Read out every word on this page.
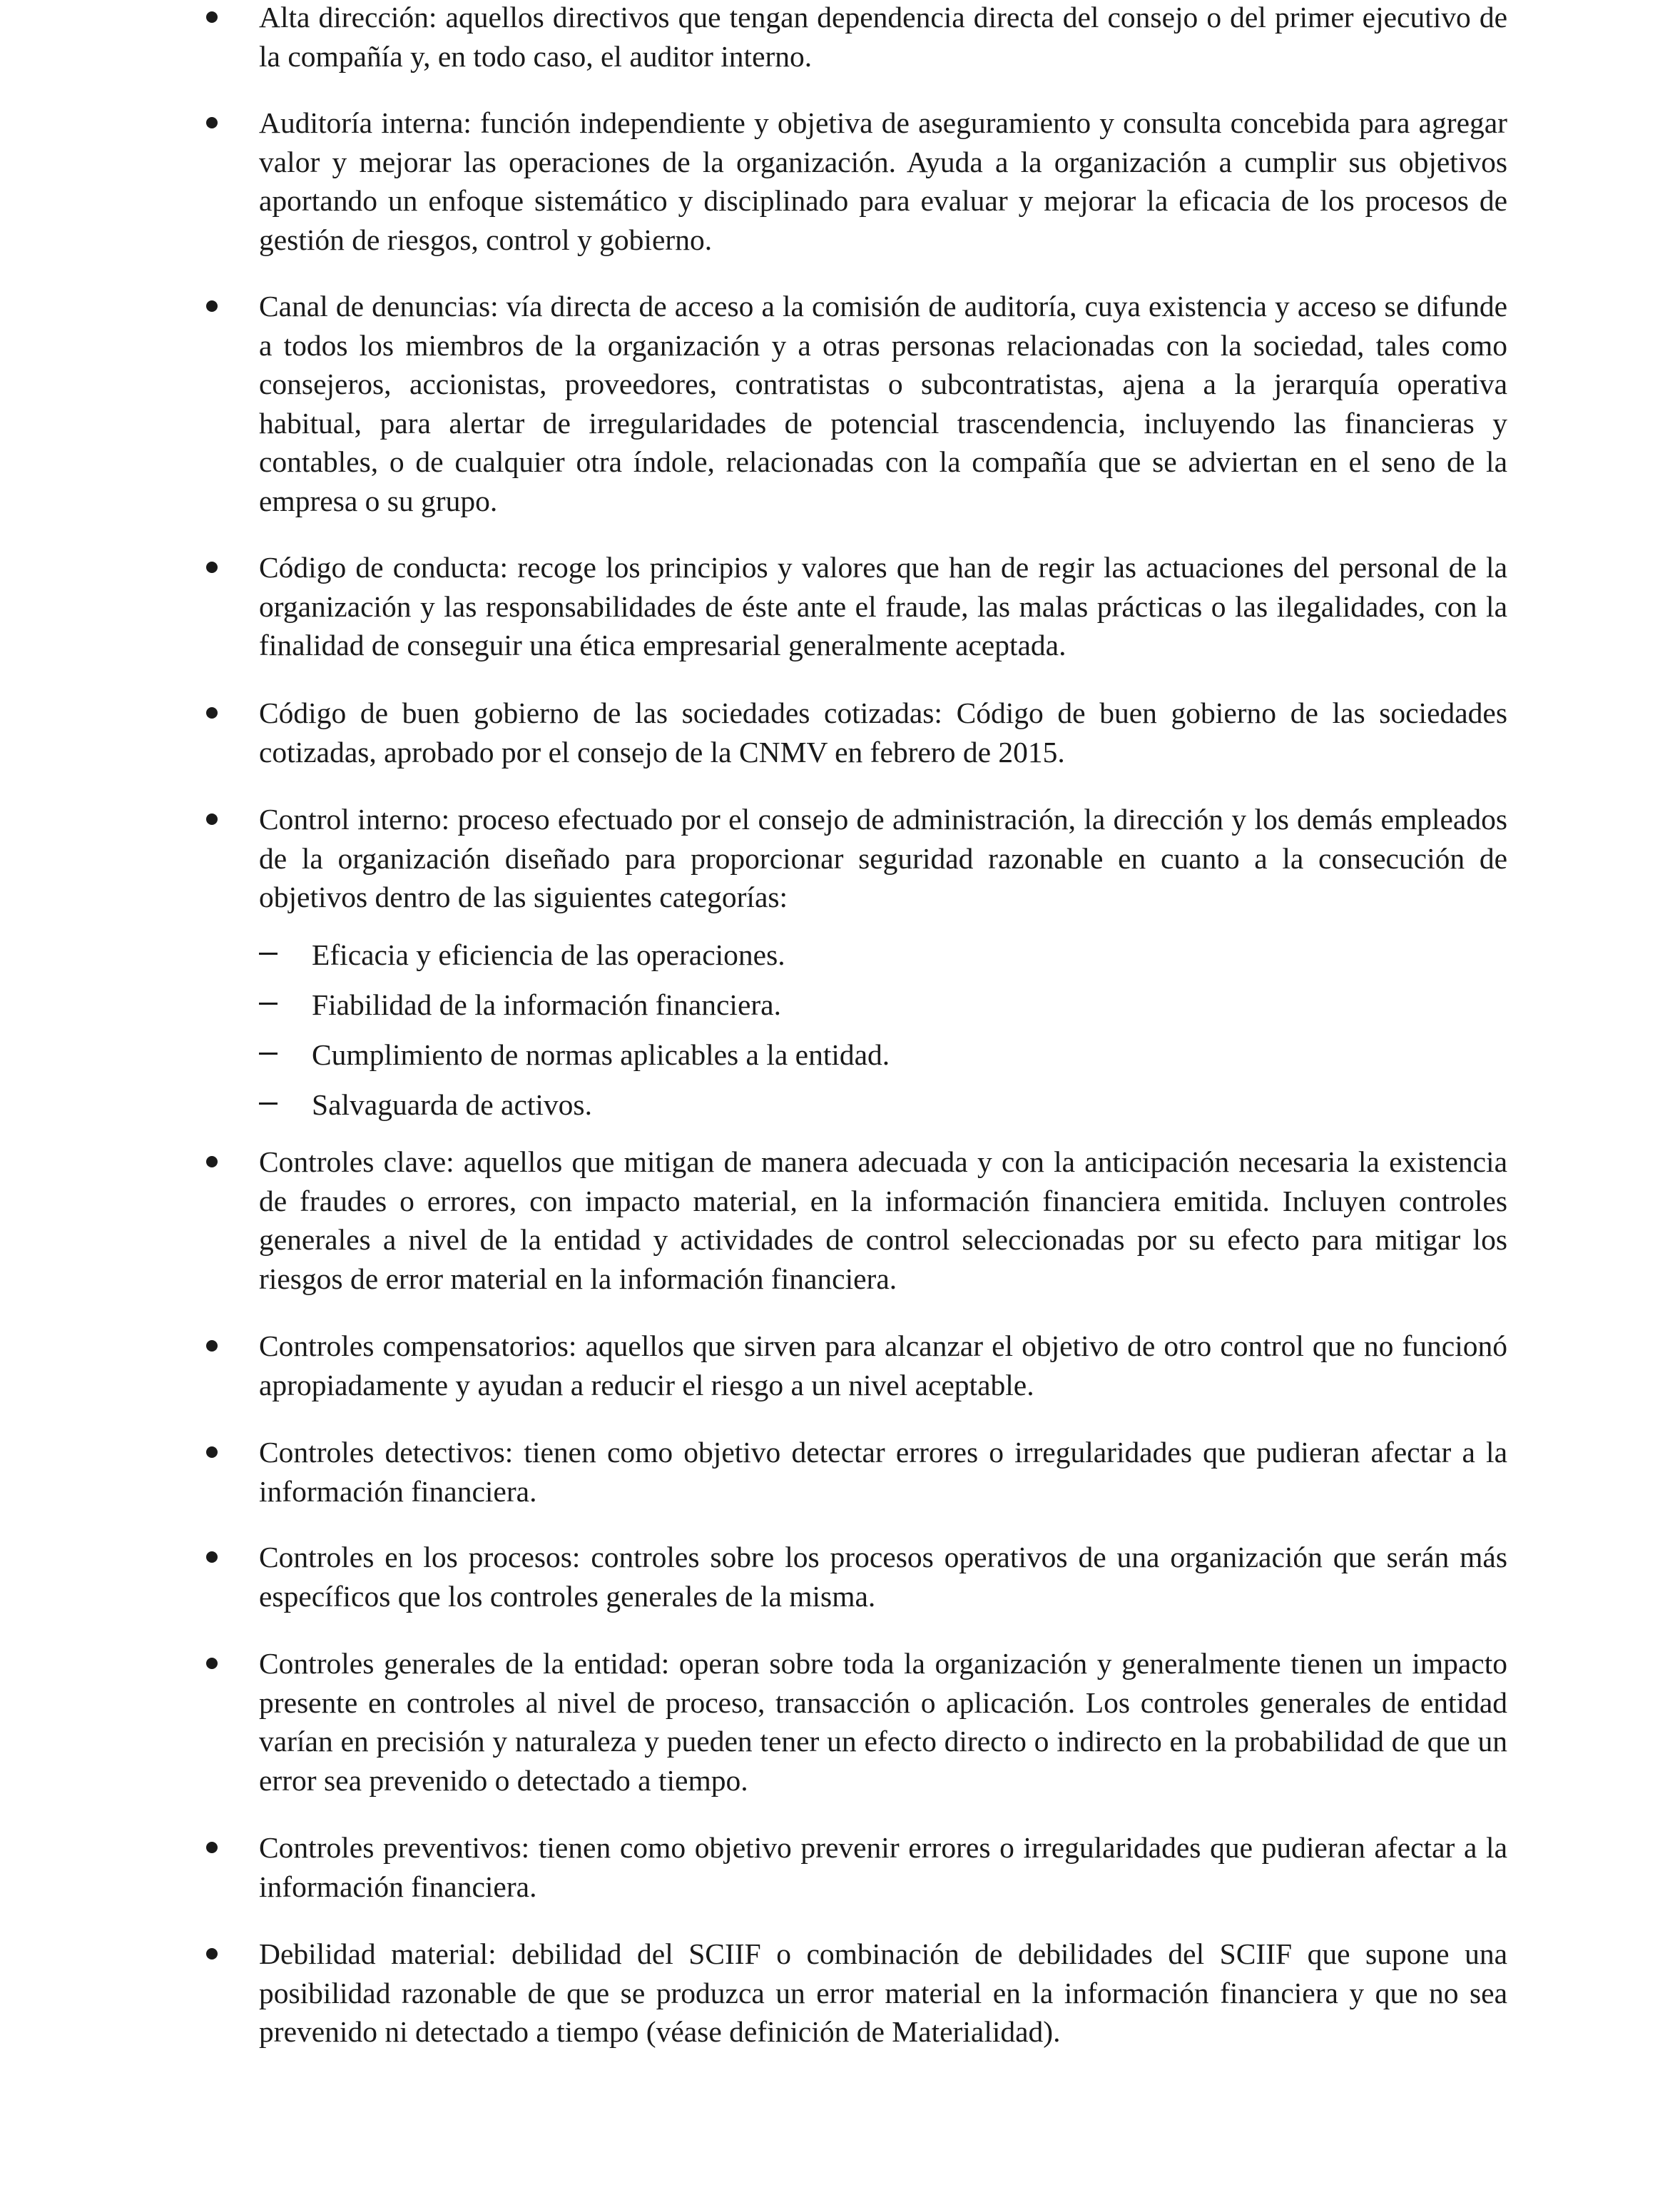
Alta dirección: aquellos directivos que tengan dependencia directa del consejo o del primer ejecutivo de la compañía y, en todo caso, el auditor interno.

Auditoría interna: función independiente y objetiva de aseguramiento y consulta concebida para agregar valor y mejorar las operaciones de la organización. Ayuda a la organización a cumplir sus objetivos aportando un enfoque sistemático y disciplinado para evaluar y mejorar la eficacia de los procesos de gestión de riesgos, control y gobierno.

Canal de denuncias: vía directa de acceso a la comisión de auditoría, cuya existencia y acceso se difunde a todos los miembros de la organización y a otras personas relacionadas con la sociedad, tales como consejeros, accionistas, proveedores, contratistas o subcontratistas, ajena a la jerarquía operativa habitual, para alertar de irregularidades de potencial trascendencia, incluyendo las financieras y contables, o de cualquier otra índole, relacionadas con la compañía que se adviertan en el seno de la empresa o su grupo.

Código de conducta: recoge los principios y valores que han de regir las actuaciones del personal de la organización y las responsabilidades de éste ante el fraude, las malas prácticas o las ilegalidades, con la finalidad de conseguir una ética empresarial generalmente aceptada.

Código de buen gobierno de las sociedades cotizadas: Código de buen gobierno de las sociedades cotizadas, aprobado por el consejo de la CNMV en febrero de 2015.

Control interno: proceso efectuado por el consejo de administración, la dirección y los demás empleados de la organización diseñado para proporcionar seguridad razonable en cuanto a la consecución de objetivos dentro de las siguientes categorías:

Eficacia y eficiencia de las operaciones.
Fiabilidad de la información financiera.
Cumplimiento de normas aplicables a la entidad.
Salvaguarda de activos.

Controles clave: aquellos que mitigan de manera adecuada y con la anticipación necesaria la existencia de fraudes o errores, con impacto material, en la información financiera emitida. Incluyen controles generales a nivel de la entidad y actividades de control seleccionadas por su efecto para mitigar los riesgos de error material en la información financiera.

Controles compensatorios: aquellos que sirven para alcanzar el objetivo de otro control que no funcionó apropiadamente y ayudan a reducir el riesgo a un nivel aceptable.

Controles detectivos: tienen como objetivo detectar errores o irregularidades que pudieran afectar a la información financiera.

Controles en los procesos: controles sobre los procesos operativos de una organización que serán más específicos que los controles generales de la misma.

Controles generales de la entidad: operan sobre toda la organización y generalmente tienen un impacto presente en controles al nivel de proceso, transacción o aplicación. Los controles generales de entidad varían en precisión y naturaleza y pueden tener un efecto directo o indirecto en la probabilidad de que un error sea prevenido o detectado a tiempo.

Controles preventivos: tienen como objetivo prevenir errores o irregularidades que pudieran afectar a la información financiera.

Debilidad material: debilidad del SCIIF o combinación de debilidades del SCIIF que supone una posibilidad razonable de que se produzca un error material en la información financiera y que no sea prevenido ni detectado a tiempo (véase definición de Materialidad).
